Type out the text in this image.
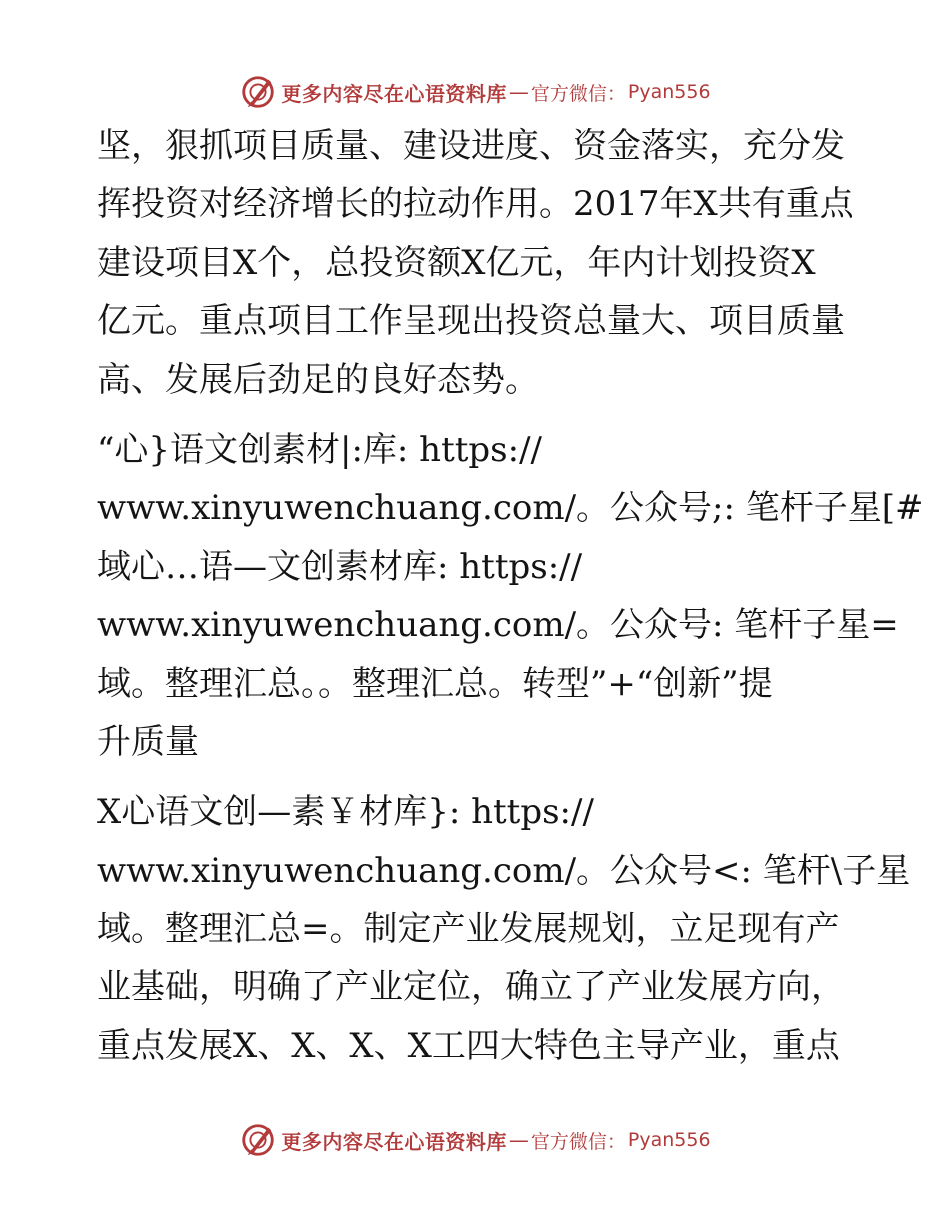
更多内容尽在心语资料库 — 官方微信： Pyan556
坚，狠抓项目质量、建设进度、资金落实，充分发
挥投资对经济增长的拉动作用。2017年X共有重点
建设项目X个，总投资额X亿元，年内计划投资X
亿元。重点项目工作呈现出投资总量大、项目质量
高、发展后劲足的良好态势。
“心}语文创素材|:库: https://
www.xinyuwenchuang.com/。公众号;: 笔杆子星[#
域心…语—文创素材库: https://
www.xinyuwenchuang.com/。公众号: 笔杆子星=
域。整理汇总。。整理汇总。转型”+“创新”提
升质量
X心语文创—素￥材库}: https://
www.xinyuwenchuang.com/。公众号<: 笔杆\子星
域。整理汇总=。制定产业发展规划，立足现有产
业基础，明确了产业定位，确立了产业发展方向，
重点发展X、X、X、X工四大特色主导产业，重点
更多内容尽在心语资料库 — 官方微信： Pyan556
